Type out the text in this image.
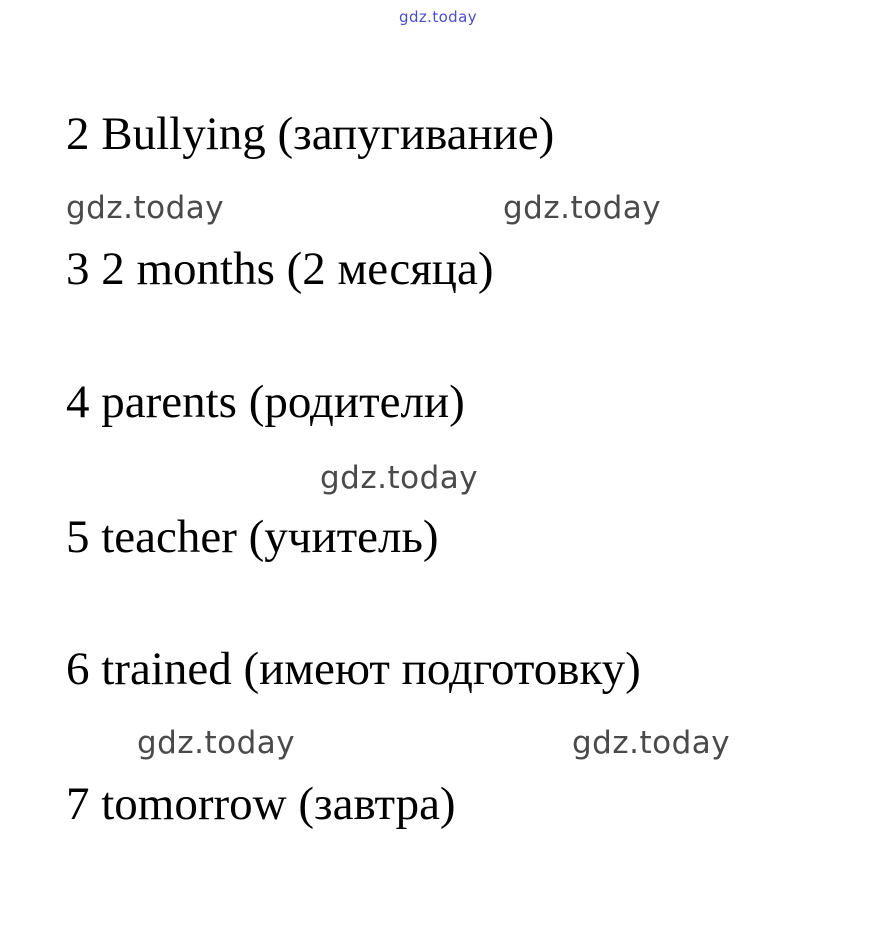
gdz.today
2 Bullying (запугивание)
gdz.today	gdz.today
3 2 months (2 месяца)
4 parents (родители)
gdz.today
5 teacher (учитель)
6 trained (имеют подготовку)
gdz.today	gdz.today
7 tomorrow (завтра)
